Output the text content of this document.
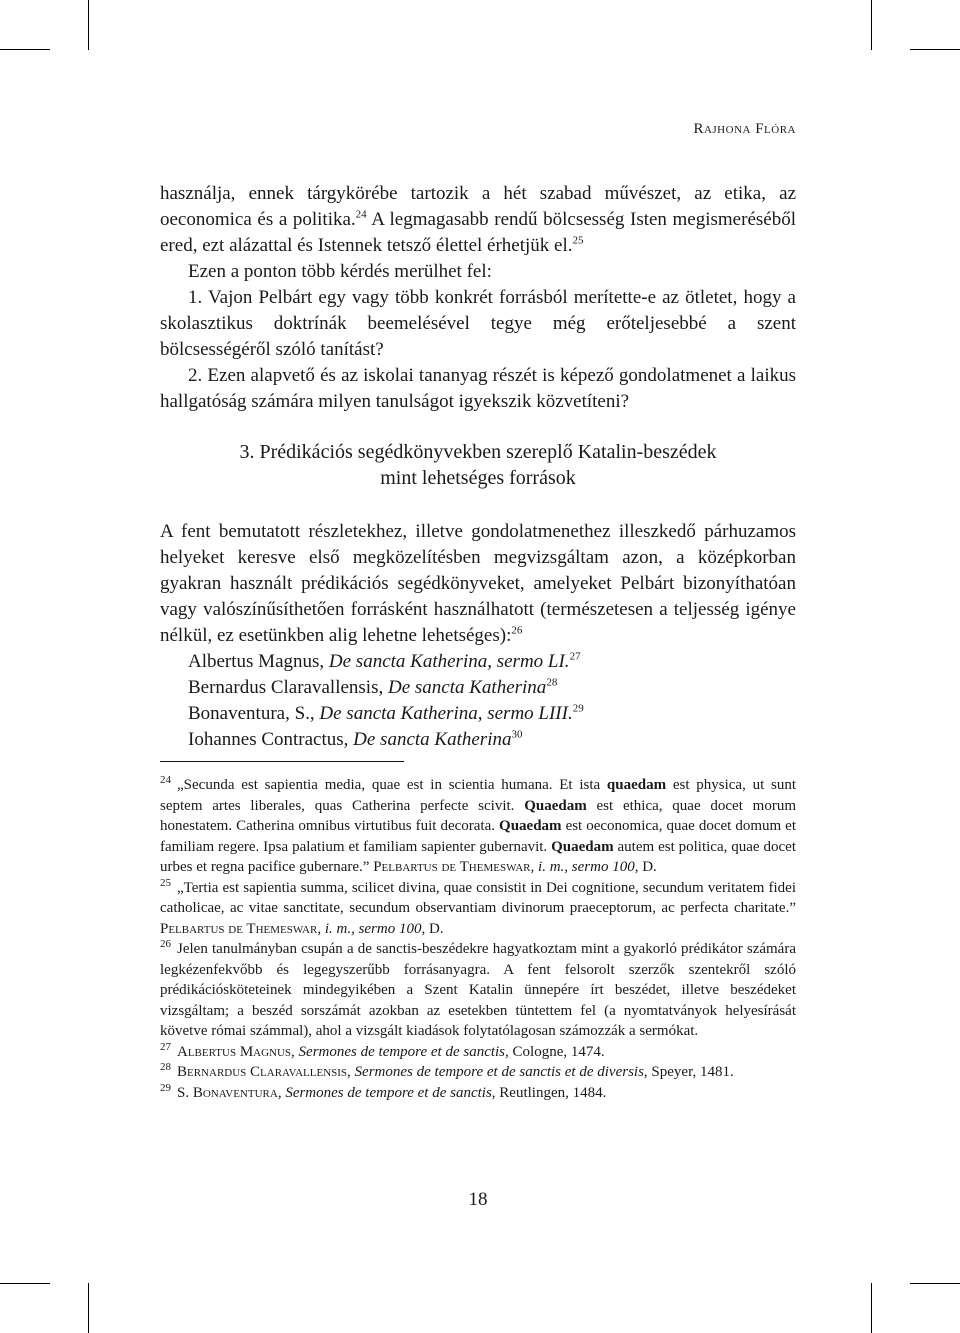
Rajhona Flóra

használja, ennek tárgykörébe tartozik a hét szabad művészet, az etika, az oeconomica és a politika.$^{24}$ A legmagasabb rendű bölcsesség Isten megismeréséből ered, ezt alázattal és Istennek tetsző élettel érhetjük el.$^{25}$

Ezen a ponton több kérdés merülhet fel:

1. Vajon Pelbárt egy vagy több konkrét forrásból merítette-e az ötletet, hogy a skolasztikus doktrínák beemelésével tegye még erőteljesebbé a szent bölcsességéről szóló tanítást?

2. Ezen alapvető és az iskolai tananyag részét is képező gondolatmenet a laikus hallgatóság számára milyen tanulságot igyekszik közvetíteni?

3. Prédikációs segédkönyvekben szereplő Katalin-beszédek
mint lehetséges források

A fent bemutatott részletekhez, illetve gondolatmenethez illeszkedő párhuzamos helyeket keresve első megközelítésben megvizsgáltam azon, a középkorban gyakran használt prédikációs segédkönyveket, amelyeket Pelbárt bizonyíthatóan vagy valószínűsíthetően forrásként használhatott (természetesen a teljesség igénye nélkül, ez esetünkben alig lehetne lehetséges):$^{26}$

Albertus Magnus, De sancta Katherina, sermo LI.$^{27}$

Bernardus Claravallensis, De sancta Katherina$^{28}$

Bonaventura, S., De sancta Katherina, sermo LIII.$^{29}$

Iohannes Contractus, De sancta Katherina$^{30}$

$^{24}$ „Secunda est sapientia media, quae est in scientia humana. Et ista quaedam est physica, ut sunt septem artes liberales, quas Catherina perfecte scivit. Quaedam est ethica, quae docet morum honestatem. Catherina omnibus virtutibus fuit decorata. Quaedam est oeconomica, quae docet domum et familiam regere. Ipsa palatium et familiam sapienter gubernavit. Quaedam autem est politica, quae docet urbes et regna pacifice gubernare.” Pelbartus de Themeswar, i. m., sermo 100, D.

$^{25}$ „Tertia est sapientia summa, scilicet divina, quae consistit in Dei cognitione, secundum veritatem fidei catholicae, ac vitae sanctitate, secundum observantiam divinorum praeceptorum, ac perfecta charitate.” Pelbartus de Themeswar, i. m., sermo 100, D.

$^{26}$ Jelen tanulmányban csupán a de sanctis-beszédekre hagyatkoztam mint a gyakorló prédikátor számára legkézenfekvőbb és legegyszerűbb forrásanyagra. A fent felsorolt szerzők szentekről szóló prédikációsköteteinek mindegyikében a Szent Katalin ünnepére írt beszédet, illetve beszédeket vizsgáltam; a beszéd sorszámát azokban az esetekben tüntettem fel (a nyomtatványok helyesírását követve római számmal), ahol a vizsgált kiadások folytatólagosan számozzák a sermókat.

$^{27}$ Albertus Magnus, Sermones de tempore et de sanctis, Cologne, 1474.

$^{28}$ Bernardus Claravallensis, Sermones de tempore et de sanctis et de diversis, Speyer, 1481.

$^{29}$ S. Bonaventura, Sermones de tempore et de sanctis, Reutlingen, 1484.

18
